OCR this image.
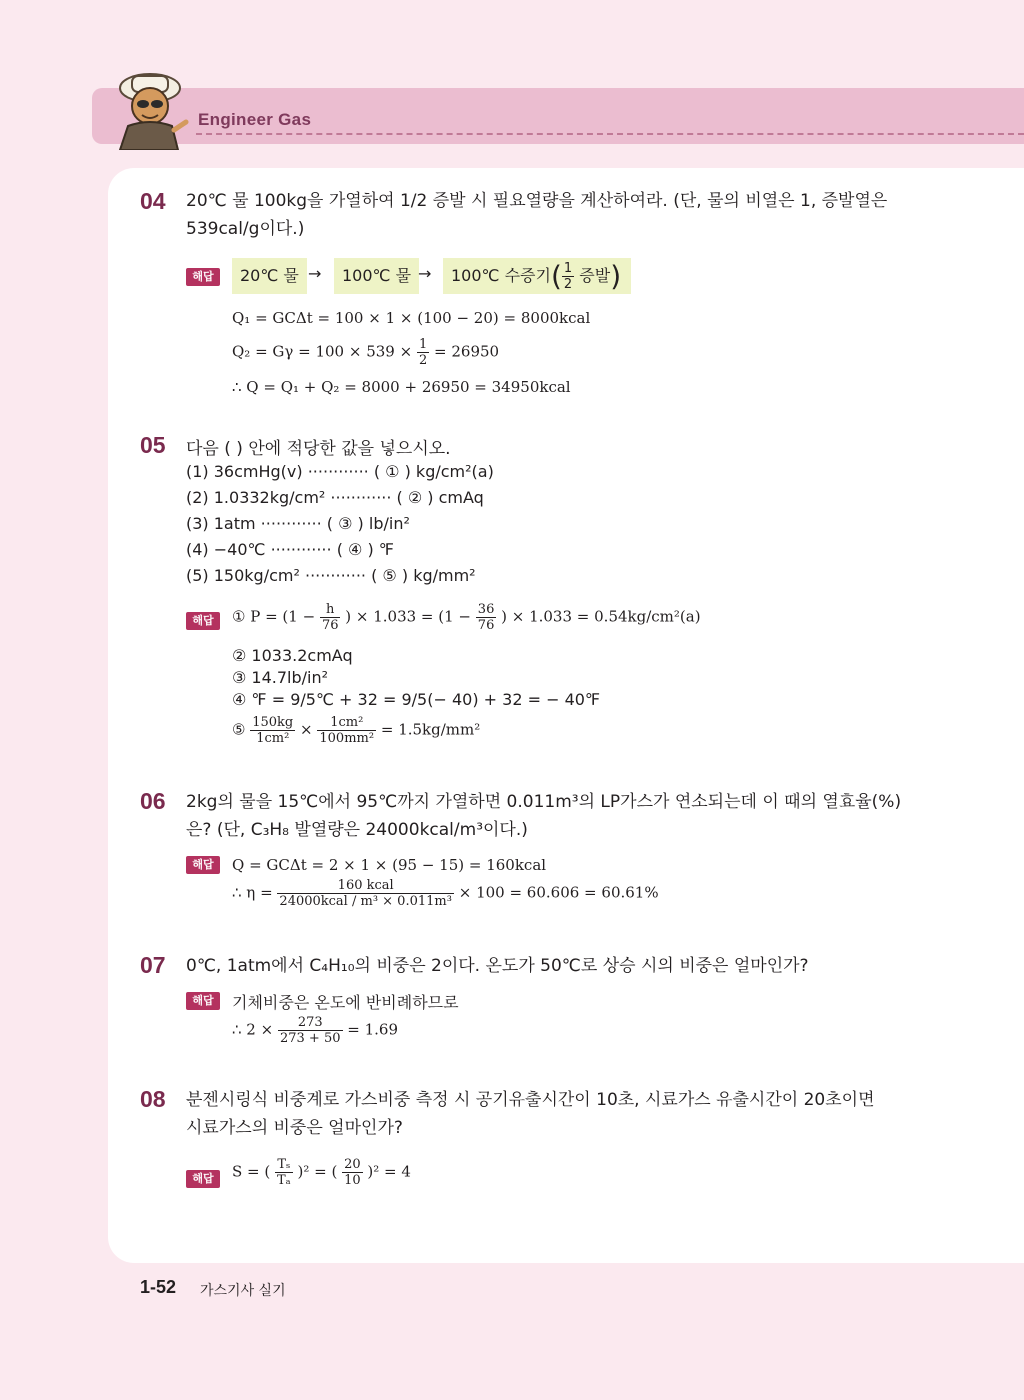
Engineer Gas
04 20℃ 물 100kg을 가열하여 1/2 증발 시 필요열량을 계산하여라. (단, 물의 비열은 1, 증발열은
539cal/g이다.)
해답	20℃ 물 →	100℃ 물 →	100℃ 수증기( $\frac{1}{2}$ 증발)
Q₁ = GCΔt = 100 × 1 × (100 − 20) = 8000kcal
$Q_2 = G\gamma = 100 \times 539 \times \frac{1}{2} = 26950$
∴ Q = Q₁ + Q₂ = 8000 + 26950 = 34950kcal
05 다음 ( ) 안에 적당한 값을 넣으시오.
(1) 36cmHg(v) ············ ( ① ) kg/cm²(a)
(2) 1.0332kg/cm² ············ ( ② ) cmAq
(3) 1atm ············ ( ③ ) lb/in²
(4) −40℃ ············ ( ④ ) ℉
(5) 150kg/cm² ············ ( ⑤ ) kg/mm²
해답	① $P = (1 - \frac{h}{76}$ ) × $1.033 = (1 - \frac{36}{76}$ ) × 1.033 = 0.54kg/cm²(a)
② 1033.2cmAq
③ 14.7lb/in²
④ ℉ = 9/5℃ + 32 = 9/5(− 40) + 32 = − 40℉
⑤ $\frac{150kg}{\text{1cm²}} \times \frac{\text{1cm²}}{\text{100mm²}} = 1.5kg/mm^2$
06 2kg의 물을 15℃에서 95℃까지 가열하면 0.011m³의 LP가스가 연소되는데 이 때의 열효율(%)
은? (단, C₃H₈ 발열량은 24000kcal/m³이다.)
해답	Q = GCΔt = 2 × 1 × (95 − 15) = 160kcal
∴ $\eta = \frac{\text{160 kcal}}{\text{24000kcal / m³ × 0.011m³}} \times 100 = 60.606 = 60.61\%$
07 0℃, 1atm에서 C₄H₁₀의 비중은 2이다. 온도가 50℃로 상승 시의 비중은 얼마인가?
해답	기체비중은 온도에 반비례하므로
∴ $2 \times \frac{273}{273 + 50} = 1.69$
08 분젠시링식 비중계로 가스비중 측정 시 공기유출시간이 10초, 시료가스 유출시간이 20초이면
시료가스의 비중은 얼마인가?
해답	S = ( $\frac{\text{Tₛ}}{\text{Tₐ}} )^2$ = ( $\frac{20}{10} )^2 = 4$
1-52 가스기사 실기
